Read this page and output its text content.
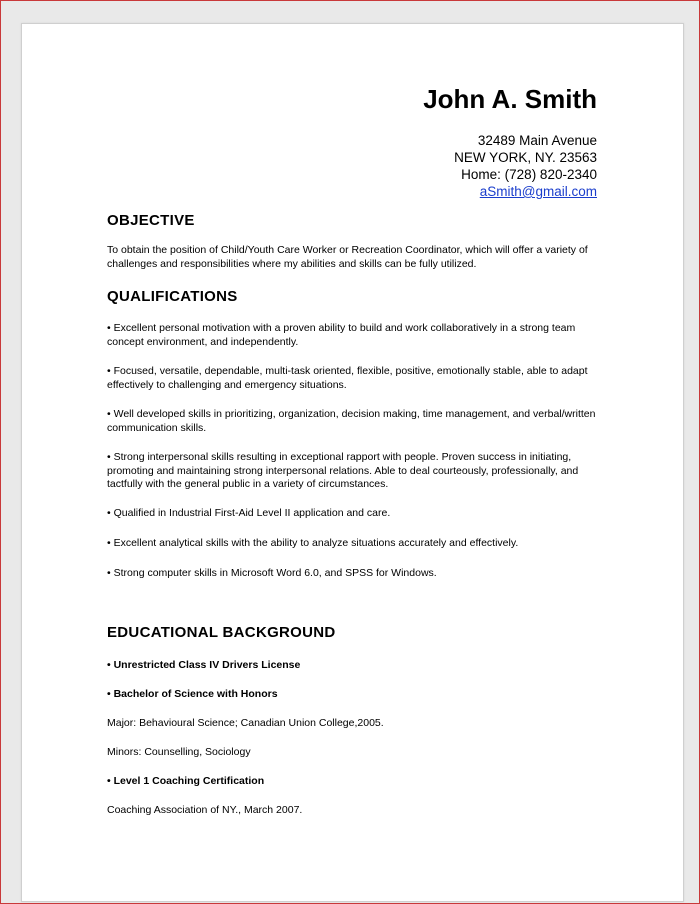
John A. Smith
32489 Main Avenue
NEW YORK, NY. 23563
Home: (728) 820-2340
aSmith@gmail.com
OBJECTIVE

To obtain the position of Child/Youth Care Worker or Recreation Coordinator, which will offer a variety of challenges and responsibilities where my abilities and skills can be fully utilized.

QUALIFICATIONS

• Excellent personal motivation with a proven ability to build and work collaboratively in a strong team concept environment, and independently.

• Focused, versatile, dependable, multi-task oriented, flexible, positive, emotionally stable, able to adapt effectively to challenging and emergency situations.

• Well developed skills in prioritizing, organization, decision making, time management, and verbal/written communication skills.

• Strong interpersonal skills resulting in exceptional rapport with people. Proven success in initiating, promoting and maintaining strong interpersonal relations. Able to deal courteously, professionally, and tactfully with the general public in a variety of circumstances.

• Qualified in Industrial First-Aid Level II application and care.

• Excellent analytical skills with the ability to analyze situations accurately and effectively.

• Strong computer skills in Microsoft Word 6.0, and SPSS for Windows.

EDUCATIONAL BACKGROUND

• Unrestricted Class IV Drivers License

• Bachelor of Science with Honors

Major: Behavioural Science; Canadian Union College,2005.

Minors: Counselling, Sociology

• Level 1 Coaching Certification

Coaching Association of NY., March 2007.
